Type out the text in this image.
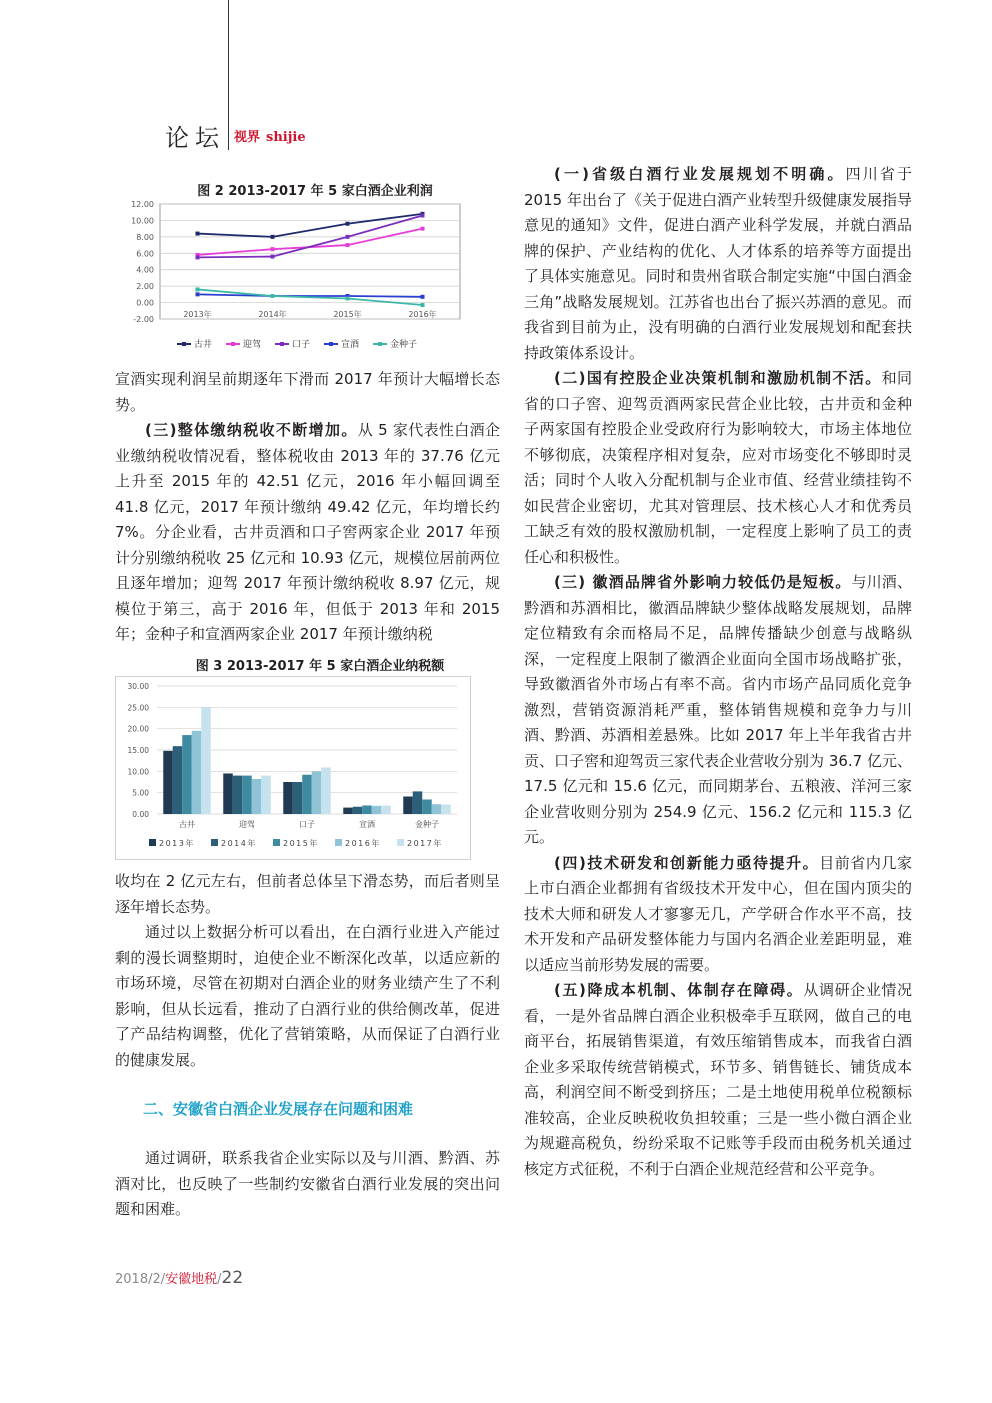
论坛 视界 shijie
图 2 2013-2017 年 5 家白酒企业利润
12.00
10.00
8.00
6.00
4.00
2.00
0.00
-2.00
2013年	2014年	2015年	2016年
古井	迎驾	口子	宣酒	金种子

宣酒实现利润呈前期逐年下滑而 2017 年预计大幅增长态势。

(三)整体缴纳税收不断增加。从 5 家代表性白酒企业缴纳税收情况看，整体税收由 2013 年的 37.76 亿元上升至 2015 年的 42.51 亿元，2016 年小幅回调至 41.8 亿元，2017 年预计缴纳 49.42 亿元，年均增长约 7%。分企业看，古井贡酒和口子窖两家企业 2017 年预计分别缴纳税收 25 亿元和 10.93 亿元，规模位居前两位且逐年增加；迎驾 2017 年预计缴纳税收 8.97 亿元，规模位于第三，高于 2016 年，但低于 2013 年和 2015 年；金种子和宣酒两家企业 2017 年预计缴纳税

图 3 2013-2017 年 5 家白酒企业纳税额
30.00
25.00
20.00
15.00
10.00
5.00
0.00
古井	迎驾	口子	宣酒	金种子
2013年	2014年	2015年	2016年	2017年

收均在 2 亿元左右，但前者总体呈下滑态势，而后者则呈逐年增长态势。

通过以上数据分析可以看出，在白酒行业进入产能过剩的漫长调整期时，迫使企业不断深化改革，以适应新的市场环境，尽管在初期对白酒企业的财务业绩产生了不利影响，但从长远看，推动了白酒行业的供给侧改革，促进了产品结构调整，优化了营销策略，从而保证了白酒行业的健康发展。

二、安徽省白酒企业发展存在问题和困难

通过调研，联系我省企业实际以及与川酒、黔酒、苏酒对比，也反映了一些制约安徽省白酒行业发展的突出问题和困难。

(一)省级白酒行业发展规划不明确。四川省于 2015 年出台了《关于促进白酒产业转型升级健康发展指导意见的通知》文件，促进白酒产业科学发展，并就白酒品牌的保护、产业结构的优化、人才体系的培养等方面提出了具体实施意见。同时和贵州省联合制定实施“中国白酒金三角”战略发展规划。江苏省也出台了振兴苏酒的意见。而我省到目前为止，没有明确的白酒行业发展规划和配套扶持政策体系设计。

(二)国有控股企业决策机制和激励机制不活。和同省的口子窖、迎驾贡酒两家民营企业比较，古井贡和金种子两家国有控股企业受政府行为影响较大，市场主体地位不够彻底，决策程序相对复杂，应对市场变化不够即时灵活；同时个人收入分配机制与企业市值、经营业绩挂钩不如民营企业密切，尤其对管理层、技术核心人才和优秀员工缺乏有效的股权激励机制，一定程度上影响了员工的责任心和积极性。

(三) 徽酒品牌省外影响力较低仍是短板。与川酒、黔酒和苏酒相比，徽酒品牌缺少整体战略发展规划，品牌定位精致有余而格局不足，品牌传播缺少创意与战略纵深，一定程度上限制了徽酒企业面向全国市场战略扩张，导致徽酒省外市场占有率不高。省内市场产品同质化竞争激烈，营销资源消耗严重，整体销售规模和竞争力与川酒、黔酒、苏酒相差悬殊。比如 2017 年上半年我省古井贡、口子窖和迎驾贡三家代表企业营收分别为 36.7 亿元、17.5 亿元和 15.6 亿元，而同期茅台、五粮液、洋河三家企业营收则分别为 254.9 亿元、156.2 亿元和 115.3 亿元。

(四)技术研发和创新能力亟待提升。目前省内几家上市白酒企业都拥有省级技术开发中心，但在国内顶尖的技术大师和研发人才寥寥无几，产学研合作水平不高，技术开发和产品研发整体能力与国内名酒企业差距明显，难以适应当前形势发展的需要。

(五)降成本机制、体制存在障碍。从调研企业情况看，一是外省品牌白酒企业积极牵手互联网，做自己的电商平台，拓展销售渠道，有效压缩销售成本，而我省白酒企业多采取传统营销模式，环节多、销售链长、铺货成本高，利润空间不断受到挤压；二是土地使用税单位税额标准较高，企业反映税收负担较重；三是一些小微白酒企业为规避高税负，纷纷采取不记账等手段而由税务机关通过核定方式征税，不利于白酒企业规范经营和公平竞争。

2018/2/安徽地税/22
